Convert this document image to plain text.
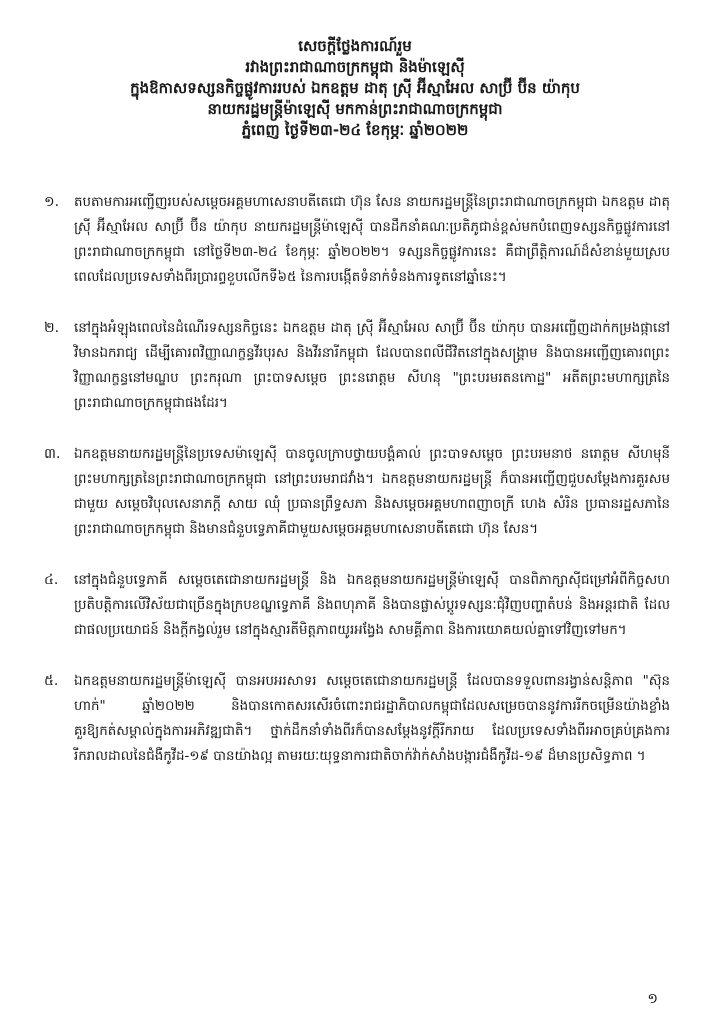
សេចក្តីថ្លែងការណ៍រួម

រវាងព្រះរាជាណាចក្រកម្ពុជា និងម៉ាឡេស៊ី

ក្នុងឱកាសទស្សនកិច្ចផ្លូវការរបស់ ឯកឧត្តម ដាតុ ស្រ៊ី អ៊ីស្មាអែល សាប្រ៊ី ប៊ីន យ៉ាកុប

នាយករដ្ឋមន្ត្រីម៉ាឡេស៊ី មកកាន់ព្រះរាជាណាចក្រកម្ពុជា

ភ្នំពេញ ថ្ងៃទី២៣-២៤ ខែកុម្ភៈ ឆ្នាំ២០២២

១.	តបតាមការអញ្ជើញរបស់សម្តេចអគ្គមហាសេនាបតីតេជោ ហ៊ុន សែន នាយករដ្ឋមន្ត្រីនៃព្រះរាជាណាចក្រកម្ពុជា ឯកឧត្តម ដាតុ ស្រ៊ី អ៊ីស្មាអែល សាប្រ៊ី ប៊ីន យ៉ាកុប នាយករដ្ឋមន្ត្រីម៉ាឡេស៊ី បានដឹកនាំគណៈប្រតិភូជាន់ខ្ពស់មកបំពេញទស្សនកិច្ចផ្លូវការនៅព្រះរាជាណាចក្រកម្ពុជា នៅថ្ងៃទី២៣-២៤ ខែកុម្ភៈ ឆ្នាំ២០២២។ ទស្សនកិច្ចផ្លូវការនេះ គឺជាព្រឹត្តិការណ៍ដ៏សំខាន់មួយស្របពេលដែលប្រទេសទាំងពីរប្រារព្ធខួបលើកទី៦៥ នៃការបង្កើតទំនាក់ទំនងការទូតនៅឆ្នាំនេះ។

២.	នៅក្នុងអំឡុងពេលនៃដំណើរទស្សនកិច្ចនេះ ឯកឧត្តម ដាតុ ស្រ៊ី អ៊ីស្មាអែល សាប្រ៊ី ប៊ីន យ៉ាកុប បានអញ្ជើញដាក់កម្រងផ្កានៅវិមានឯករាជ្យ ដើម្បីគោរពវិញ្ញាណក្ខន្ធវីរបុរស និងវីរនារីកម្ពុជា ដែលបានពលីជីវិតនៅក្នុងសង្គ្រាម និងបានអញ្ជើញគោរពព្រះវិញ្ញាណក្ខន្ធនៅមណ្ឌប ព្រះករុណា ព្រះបាទសម្តេច ព្រះនរោត្តម សីហនុ "ព្រះបរមរតនកោដ្ឋ" អតីតព្រះមហាក្សត្រនៃព្រះរាជាណាចក្រកម្ពុជាផងដែរ។

៣.	ឯកឧត្តមនាយករដ្ឋមន្ត្រីនៃប្រទេសម៉ាឡេស៊ី បានចូលក្រាបថ្វាយបង្គំគាល់ ព្រះបាទសម្តេច ព្រះបរមនាថ នរោត្តម សីហមុនី ព្រះមហាក្សត្រនៃព្រះរាជាណាចក្រកម្ពុជា នៅព្រះបរមរាជវាំង។ ឯកឧត្តមនាយករដ្ឋមន្ត្រី ក៏បានអញ្ជើញជួបសម្តែងការគួរសមជាមួយ សម្តេចវិបុលសេនាភក្តី សាយ ឈុំ ប្រធានព្រឹទ្ធសភា និងសម្តេចអគ្គមហាពញាចក្រី ហេង សំរិន ប្រធានរដ្ឋសភានៃព្រះរាជាណាចក្រកម្ពុជា និងមានជំនួបទ្វេភាគីជាមួយសម្តេចអគ្គមហាសេនាបតីតេជោ ហ៊ុន សែន។

៤.	នៅក្នុងជំនួបទ្វេភាគី សម្តេចតេជោនាយករដ្ឋមន្ត្រី និង ឯកឧត្តមនាយករដ្ឋមន្ត្រីម៉ាឡេស៊ី បានពិភាក្សាស៊ីជម្រៅអំពីកិច្ចសហប្រតិបត្តិការលើវិស័យជាច្រើនក្នុងក្របខណ្ឌទ្វេភាគី និងពហុភាគី និងបានផ្លាស់ប្តូរទស្សនៈជុំវិញបញ្ហាតំបន់ និងអន្តរជាតិ ដែលជាផលប្រយោជន៍ និងក្តីកង្វល់រួម នៅក្នុងស្មារតីមិត្តភាពយូរអង្វែង សាមគ្គីភាព និងការយោគយល់គ្នាទៅវិញទៅមក។

៥.	ឯកឧត្តមនាយករដ្ឋមន្ត្រីម៉ាឡេស៊ី បានអបអរសាទរ សម្តេចតេជោនាយករដ្ឋមន្ត្រី ដែលបានទទួលពានរង្វាន់សន្តិភាព "ស៊ុនហាក់" ឆ្នាំ២០២២ និងបានកោតសរសើរចំពោះរាជរដ្ឋាភិបាលកម្ពុជាដែលសម្រេចបាននូវការរីកចម្រើនយ៉ាងខ្លាំងគួរឱ្យកត់សម្គាល់ក្នុងការអភិវឌ្ឍជាតិ។ ថ្នាក់ដឹកនាំទាំងពីរក៏បានសម្តែងនូវក្តីរីករាយ ដែលប្រទេសទាំងពីរអាចគ្រប់គ្រងការរីករាលដាលនៃជំងឺកូវីដ-១៩ បានយ៉ាងល្អ តាមរយៈយុទ្ធនាការជាតិចាក់វ៉ាក់សាំងបង្ការជំងឺកូវីដ-១៩ ដ៏មានប្រសិទ្ធភាព ។

១
